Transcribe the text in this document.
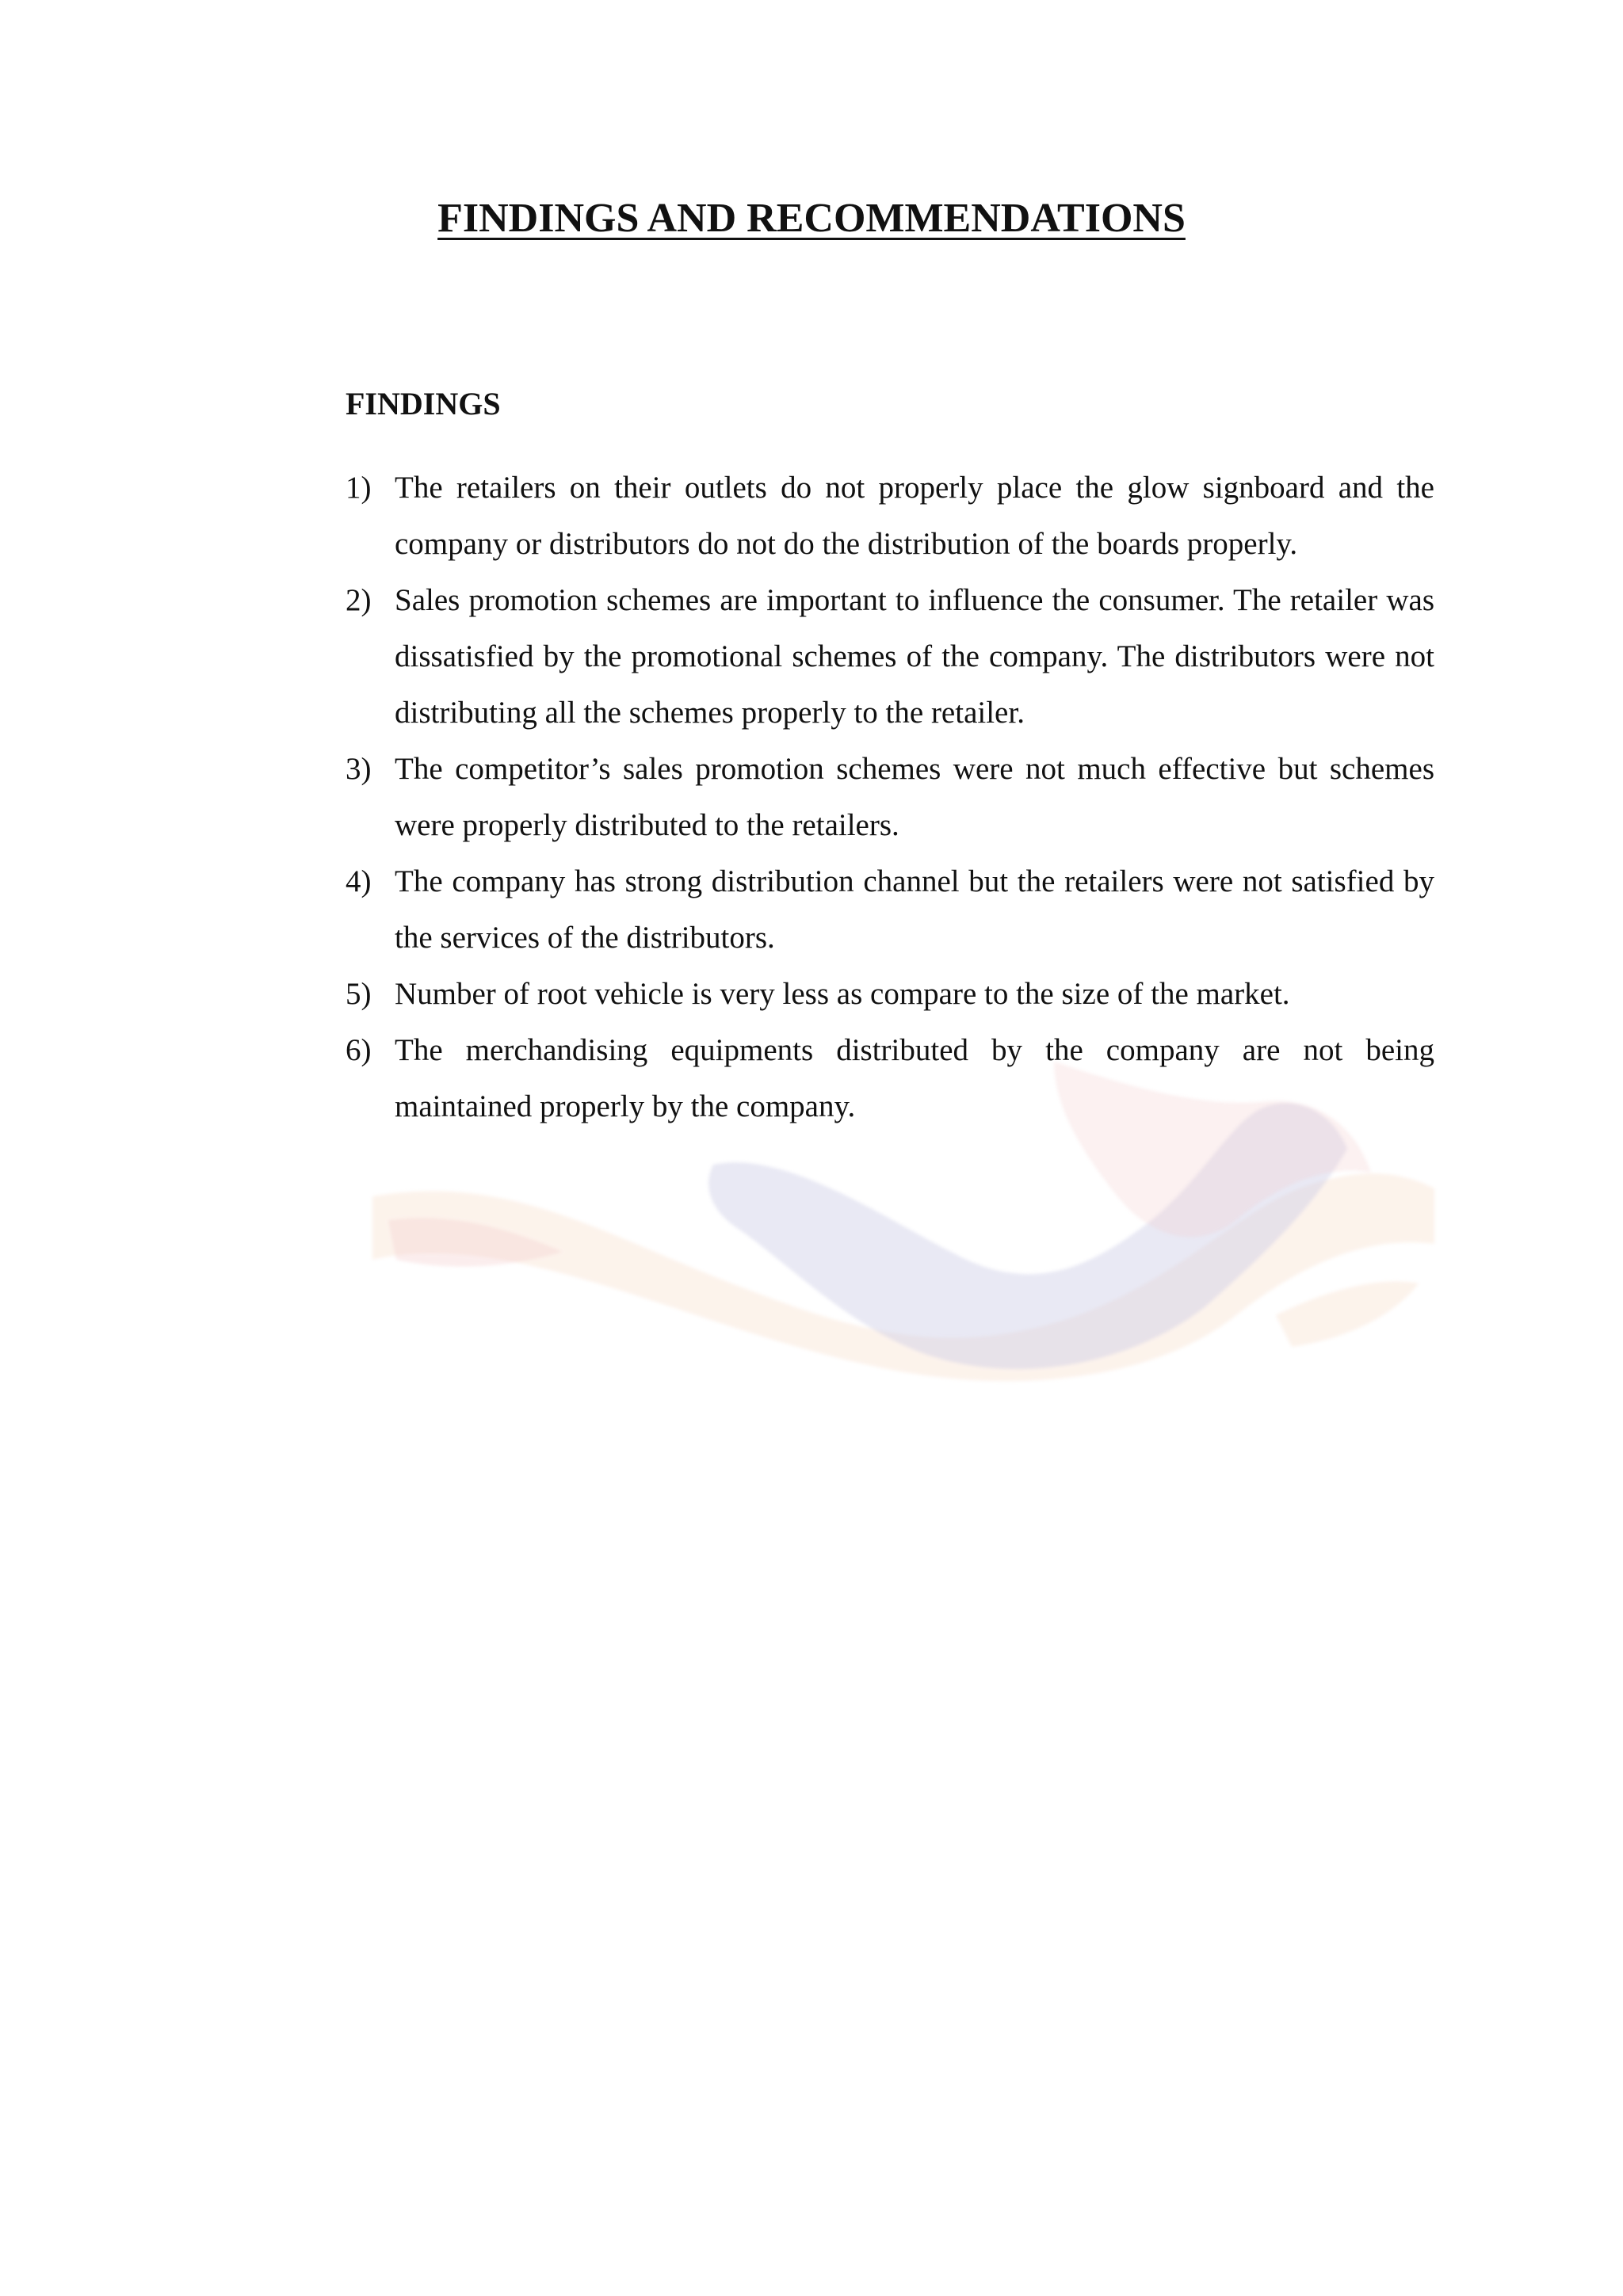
FINDINGS AND RECOMMENDATIONS
FINDINGS
1) The retailers on their outlets do not properly place the glow signboard and the company or distributors do not do the distribution of the boards properly.
2) Sales promotion schemes are important to influence the consumer. The retailer was dissatisfied by the promotional schemes of the company. The distributors were not distributing all the schemes properly to the retailer.
3) The competitor’s sales promotion schemes were not much effective but schemes were properly distributed to the retailers.
4) The company has strong distribution channel but the retailers were not satisfied by the services of the distributors.
5) Number of root vehicle is very less as compare to the size of the market.
6) The merchandising equipments distributed by the company are not being maintained properly by the company.
